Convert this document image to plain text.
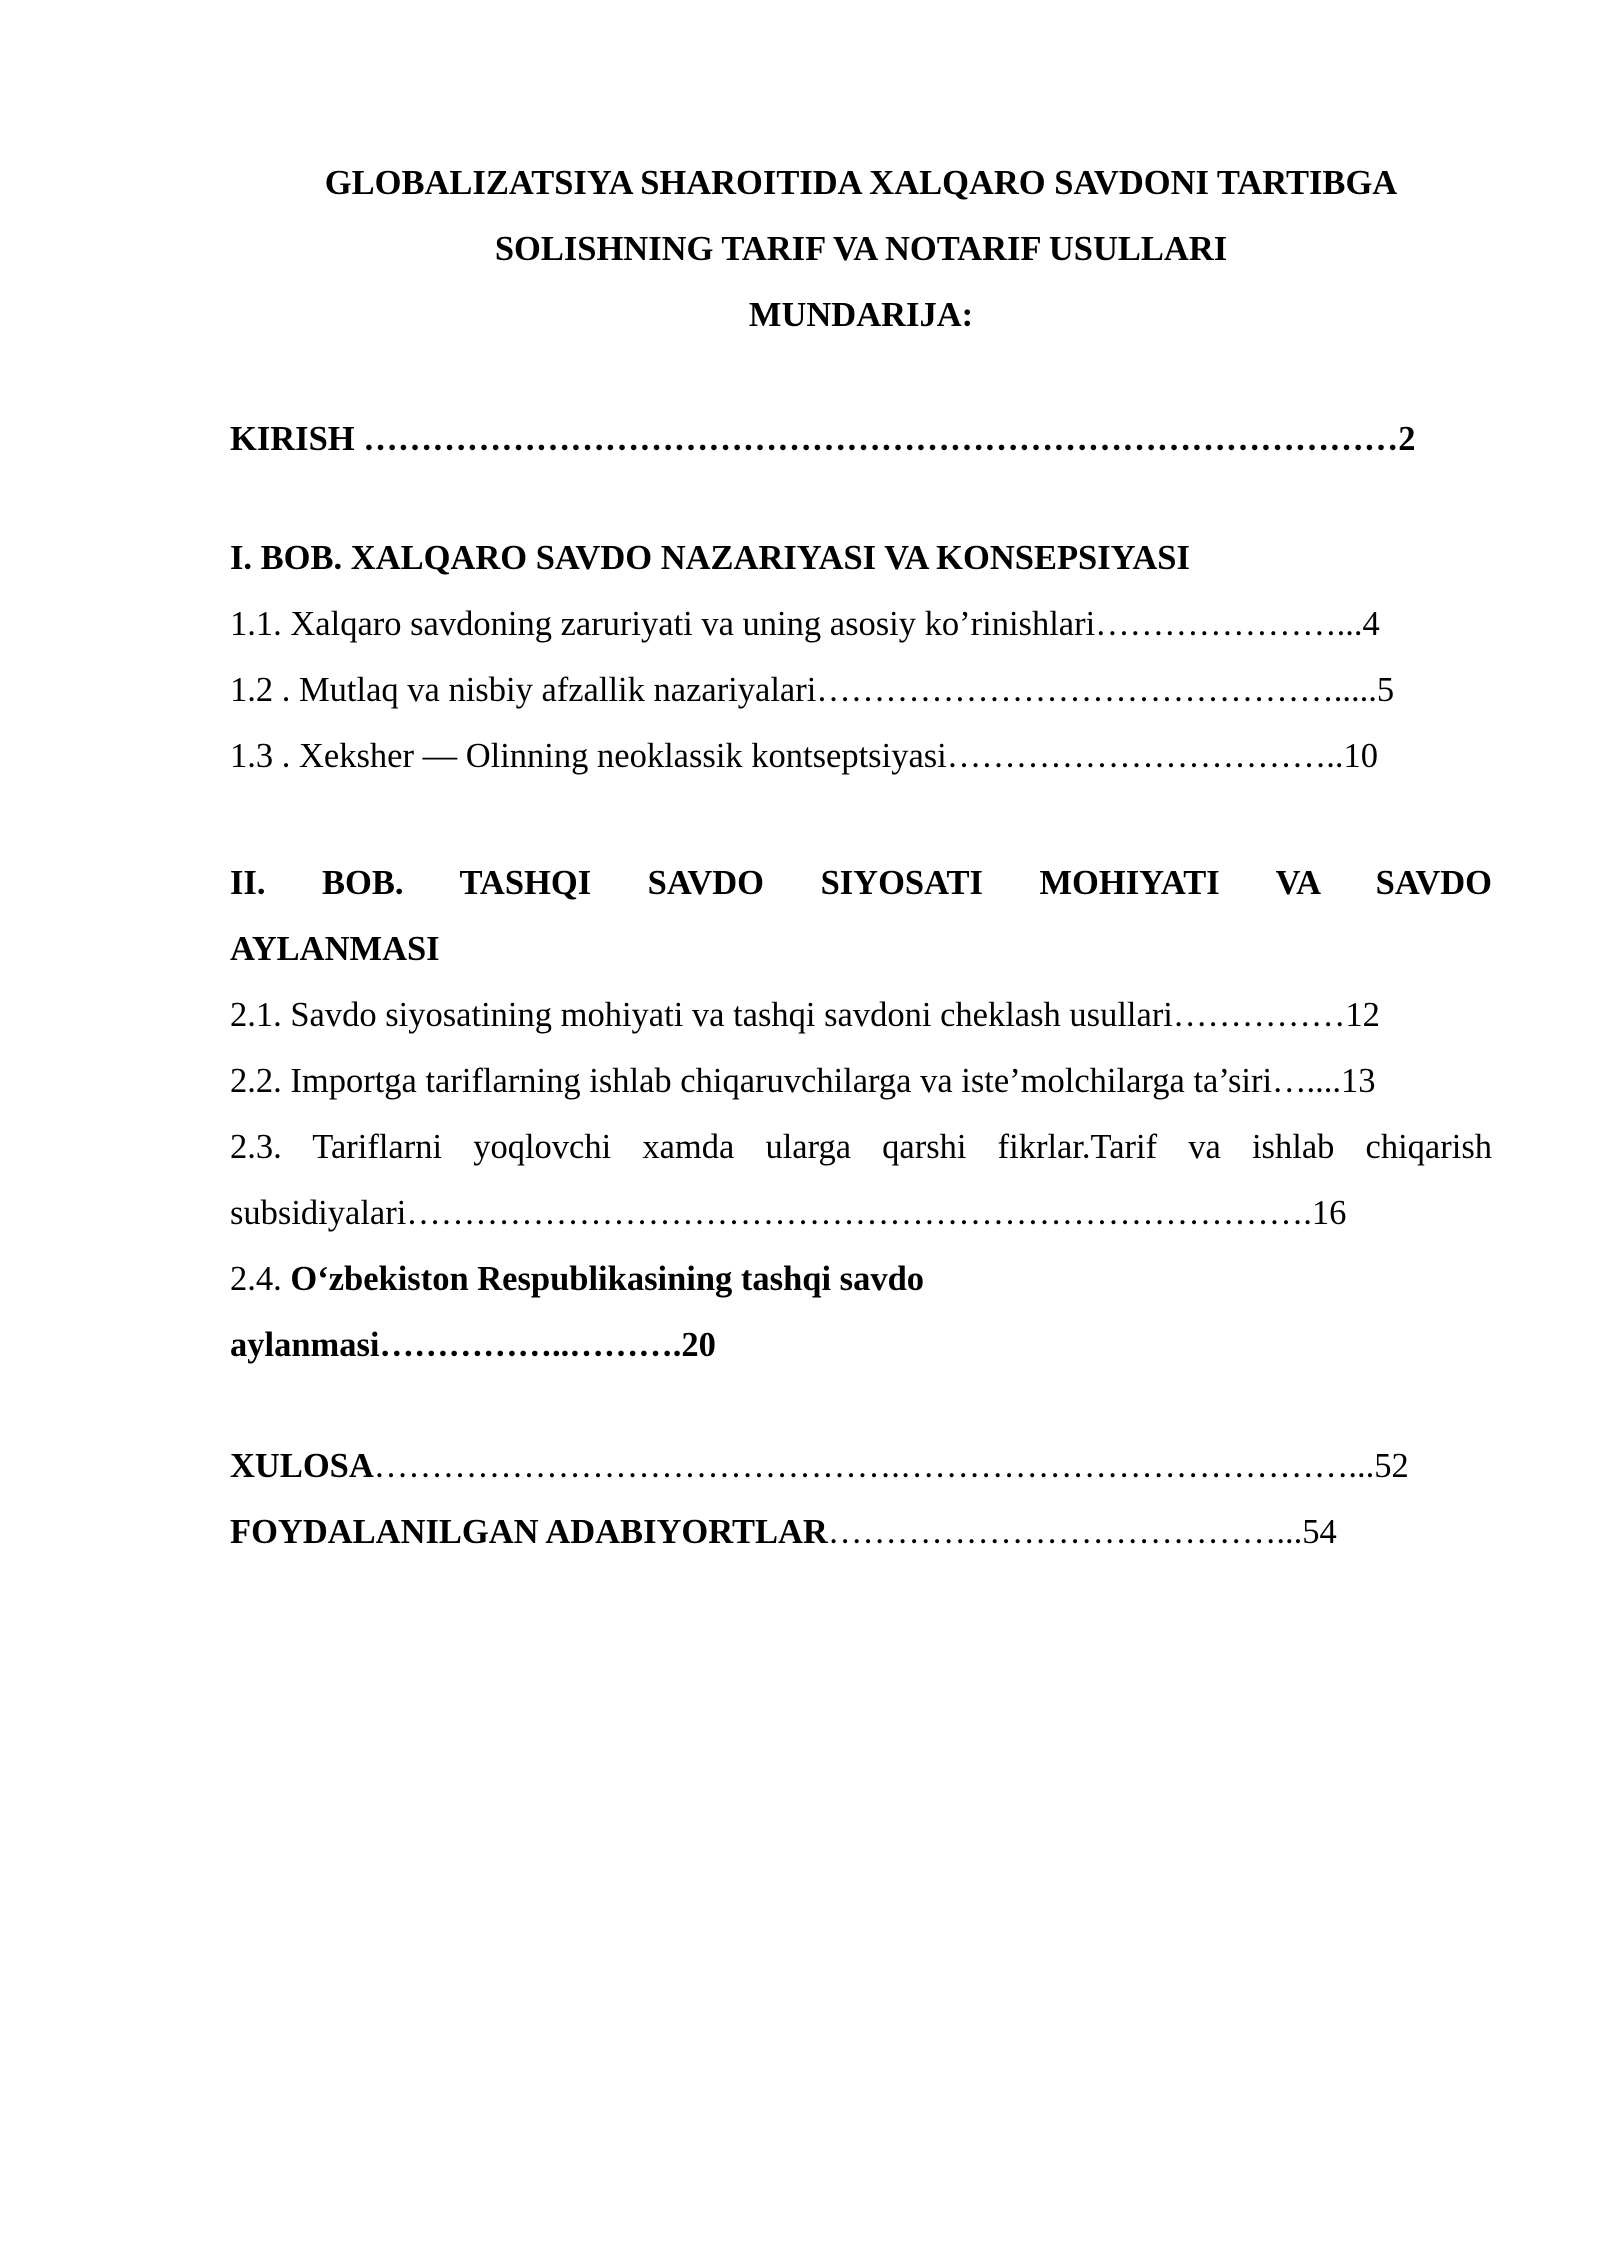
GLOBALIZATSIYA SHAROITIDA XALQARO SAVDONI TARTIBGA
SOLISHNING TARIF VA NOTARIF USULLARI
MUNDARIJA:
KIRISH ………………………………………………………………………………2
I. BOB. XALQARO SAVDO NAZARIYASI VA KONSEPSIYASI
1.1. Xalqaro savdoning zaruriyati va uning asosiy ko’rinishlari…………………...4
1.2 . Mutlaq va nisbiy afzallik nazariyalari……………………………………….....5
1.3 . Xeksher — Olinning neoklassik kontseptsiyasi……………………………..10
II. BOB. TASHQI SAVDO SIYOSATI MOHIYATI VA SAVDO
AYLANMASI
2.1. Savdo siyosatining mohiyati va tashqi savdoni cheklash usullari……………12
2.2. Importga tariflarning ishlab chiqaruvchilarga va iste’molchilarga ta’siri…....13
2.3. Tariflarni yoqlovchi xamda ularga qarshi fikrlar.Tarif va ishlab chiqarish
subsidiyalari…………………………………………………………………….16
2.4. O‘zbekiston Respublikasining tashqi savdo
aylanmasi……………..……….20
XULOSA……………………………………….…………………………………...52
FOYDALANILGAN ADABIYORTLAR…………………………………...54
